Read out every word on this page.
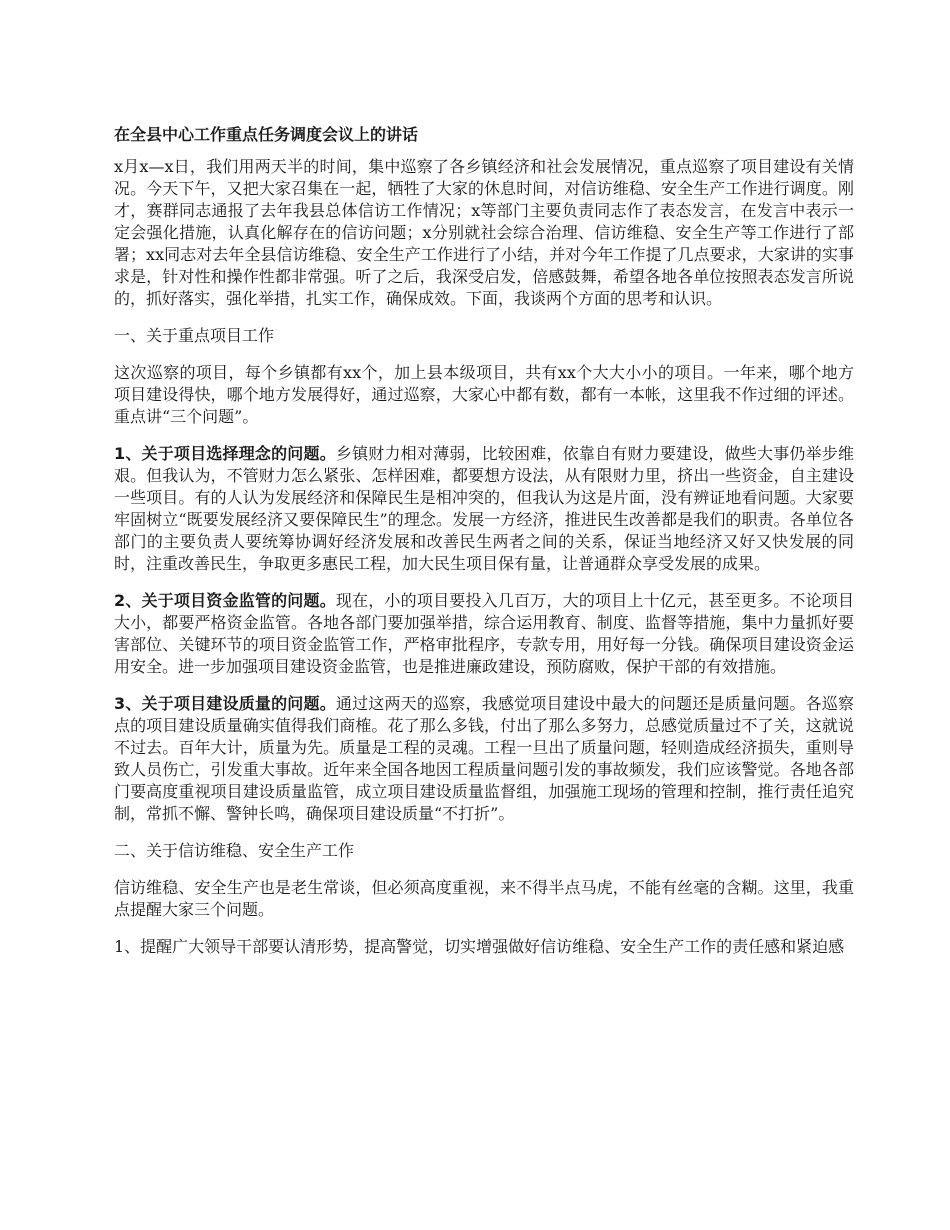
在全县中心工作重点任务调度会议上的讲话

x月x—x日，我们用两天半的时间，集中巡察了各乡镇经济和社会发展情况，重点巡察了项目建设有关情况。今天下午，又把大家召集在一起，牺牲了大家的休息时间，对信访维稳、安全生产工作进行调度。刚才，赛群同志通报了去年我县总体信访工作情况；x等部门主要负责同志作了表态发言，在发言中表示一定会强化措施，认真化解存在的信访问题；x分别就社会综合治理、信访维稳、安全生产等工作进行了部署；xx同志对去年全县信访维稳、安全生产工作进行了小结，并对今年工作提了几点要求，大家讲的实事求是，针对性和操作性都非常强。听了之后，我深受启发，倍感鼓舞，希望各地各单位按照表态发言所说的，抓好落实，强化举措，扎实工作，确保成效。下面，我谈两个方面的思考和认识。

一、关于重点项目工作

这次巡察的项目，每个乡镇都有xx个，加上县本级项目，共有xx个大大小小的项目。一年来，哪个地方项目建设得快，哪个地方发展得好，通过巡察，大家心中都有数，都有一本帐，这里我不作过细的评述。重点讲“三个问题”。

1、关于项目选择理念的问题。乡镇财力相对薄弱，比较困难，依靠自有财力要建设，做些大事仍举步维艰。但我认为，不管财力怎么紧张、怎样困难，都要想方设法，从有限财力里，挤出一些资金，自主建设一些项目。有的人认为发展经济和保障民生是相冲突的，但我认为这是片面，没有辨证地看问题。大家要牢固树立“既要发展经济又要保障民生”的理念。发展一方经济，推进民生改善都是我们的职责。各单位各部门的主要负责人要统筹协调好经济发展和改善民生两者之间的关系，保证当地经济又好又快发展的同时，注重改善民生，争取更多惠民工程，加大民生项目保有量，让普通群众享受发展的成果。

2、关于项目资金监管的问题。现在，小的项目要投入几百万，大的项目上十亿元，甚至更多。不论项目大小，都要严格资金监管。各地各部门要加强举措，综合运用教育、制度、监督等措施，集中力量抓好要害部位、关键环节的项目资金监管工作，严格审批程序，专款专用，用好每一分钱。确保项目建设资金运用安全。进一步加强项目建设资金监管，也是推进廉政建设，预防腐败，保护干部的有效措施。

3、关于项目建设质量的问题。通过这两天的巡察，我感觉项目建设中最大的问题还是质量问题。各巡察点的项目建设质量确实值得我们商榷。花了那么多钱，付出了那么多努力，总感觉质量过不了关，这就说不过去。百年大计，质量为先。质量是工程的灵魂。工程一旦出了质量问题，轻则造成经济损失，重则导致人员伤亡，引发重大事故。近年来全国各地因工程质量问题引发的事故频发，我们应该警觉。各地各部门要高度重视项目建设质量监管，成立项目建设质量监督组，加强施工现场的管理和控制，推行责任追究制，常抓不懈、警钟长鸣，确保项目建设质量“不打折”。

二、关于信访维稳、安全生产工作

信访维稳、安全生产也是老生常谈，但必须高度重视，来不得半点马虎，不能有丝毫的含糊。这里，我重点提醒大家三个问题。

1、提醒广大领导干部要认清形势，提高警觉，切实增强做好信访维稳、安全生产工作的责任感和紧迫感
